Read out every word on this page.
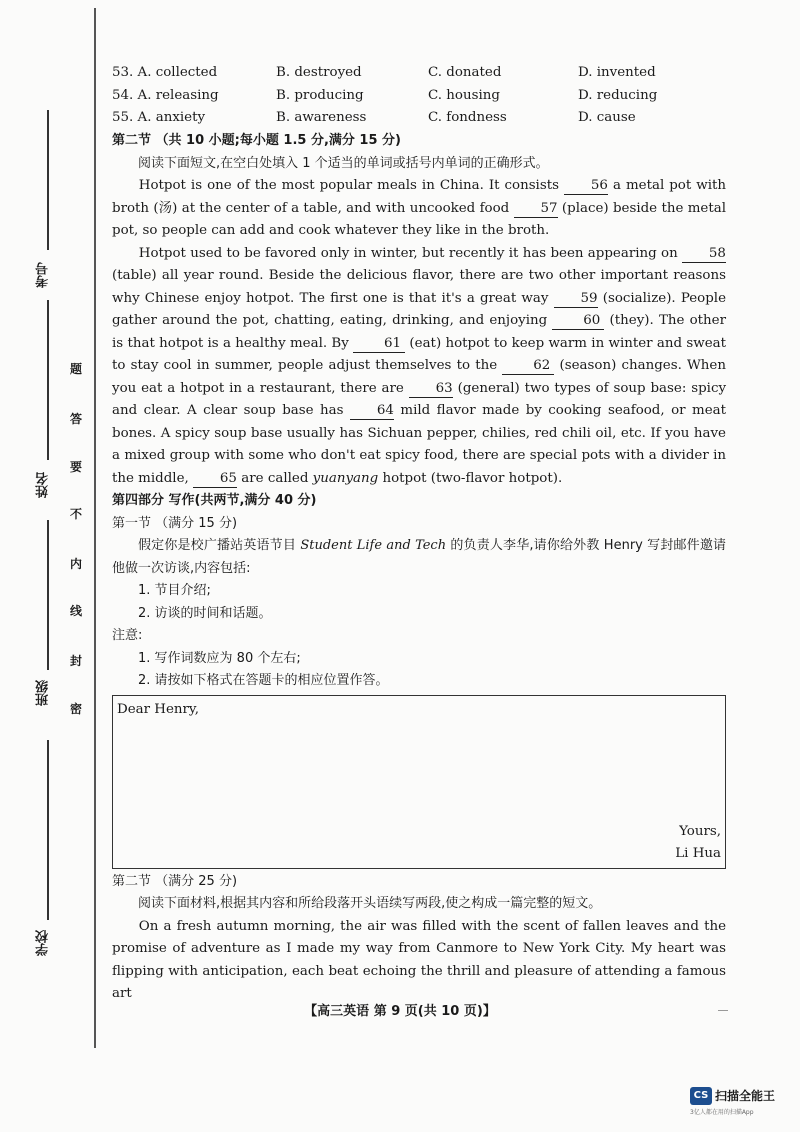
考号
姓名
班级
学校
题
答
要
不
内
线
封
密
53. A. collected	B. destroyed	C. donated	D. invented
54. A. releasing	B. producing	C. housing	D. reducing
55. A. anxiety	B. awareness	C. fondness	D. cause
第二节 （共 10 小题;每小题 1.5 分,满分 15 分)
阅读下面短文,在空白处填入 1 个适当的单词或括号内单词的正确形式。
Hotpot is one of the most popular meals in China. It consists 56 a metal pot with broth (汤) at the center of a table, and with uncooked food 57 (place) beside the metal pot, so people can add and cook whatever they like in the broth.
Hotpot used to be favored only in winter, but recently it has been appearing on 58 (table) all year round. Beside the delicious flavor, there are two other important reasons why Chinese enjoy hotpot. The first one is that it's a great way 59 (socialize). People gather around the pot, chatting, eating, drinking, and enjoying 60 (they). The other is that hotpot is a healthy meal. By 61 (eat) hotpot to keep warm in winter and sweat to stay cool in summer, people adjust themselves to the 62 (season) changes. When you eat a hotpot in a restaurant, there are 63 (general) two types of soup base: spicy and clear. A clear soup base has 64 mild flavor made by cooking seafood, or meat bones. A spicy soup base usually has Sichuan pepper, chilies, red chili oil, etc. If you have a mixed group with some who don't eat spicy food, there are special pots with a divider in the middle, 65 are called yuanyang hotpot (two-flavor hotpot).
第四部分 写作(共两节,满分 40 分)
第一节 （满分 15 分)
假定你是校广播站英语节目 Student Life and Tech 的负责人李华,请你给外教 Henry 写封邮件邀请他做一次访谈,内容包括:
1. 节目介绍;
2. 访谈的时间和话题。
注意:
1. 写作词数应为 80 个左右;
2. 请按如下格式在答题卡的相应位置作答。
Dear Henry,
Yours,
Li Hua
第二节 （满分 25 分)
阅读下面材料,根据其内容和所给段落开头语续写两段,使之构成一篇完整的短文。
On a fresh autumn morning, the air was filled with the scent of fallen leaves and the promise of adventure as I made my way from Canmore to New York City. My heart was flipping with anticipation, each beat echoing the thrill and pleasure of attending a famous art
【高三英语 第 9 页(共 10 页)】
CS 扫描全能王
3亿人都在用的扫描App
